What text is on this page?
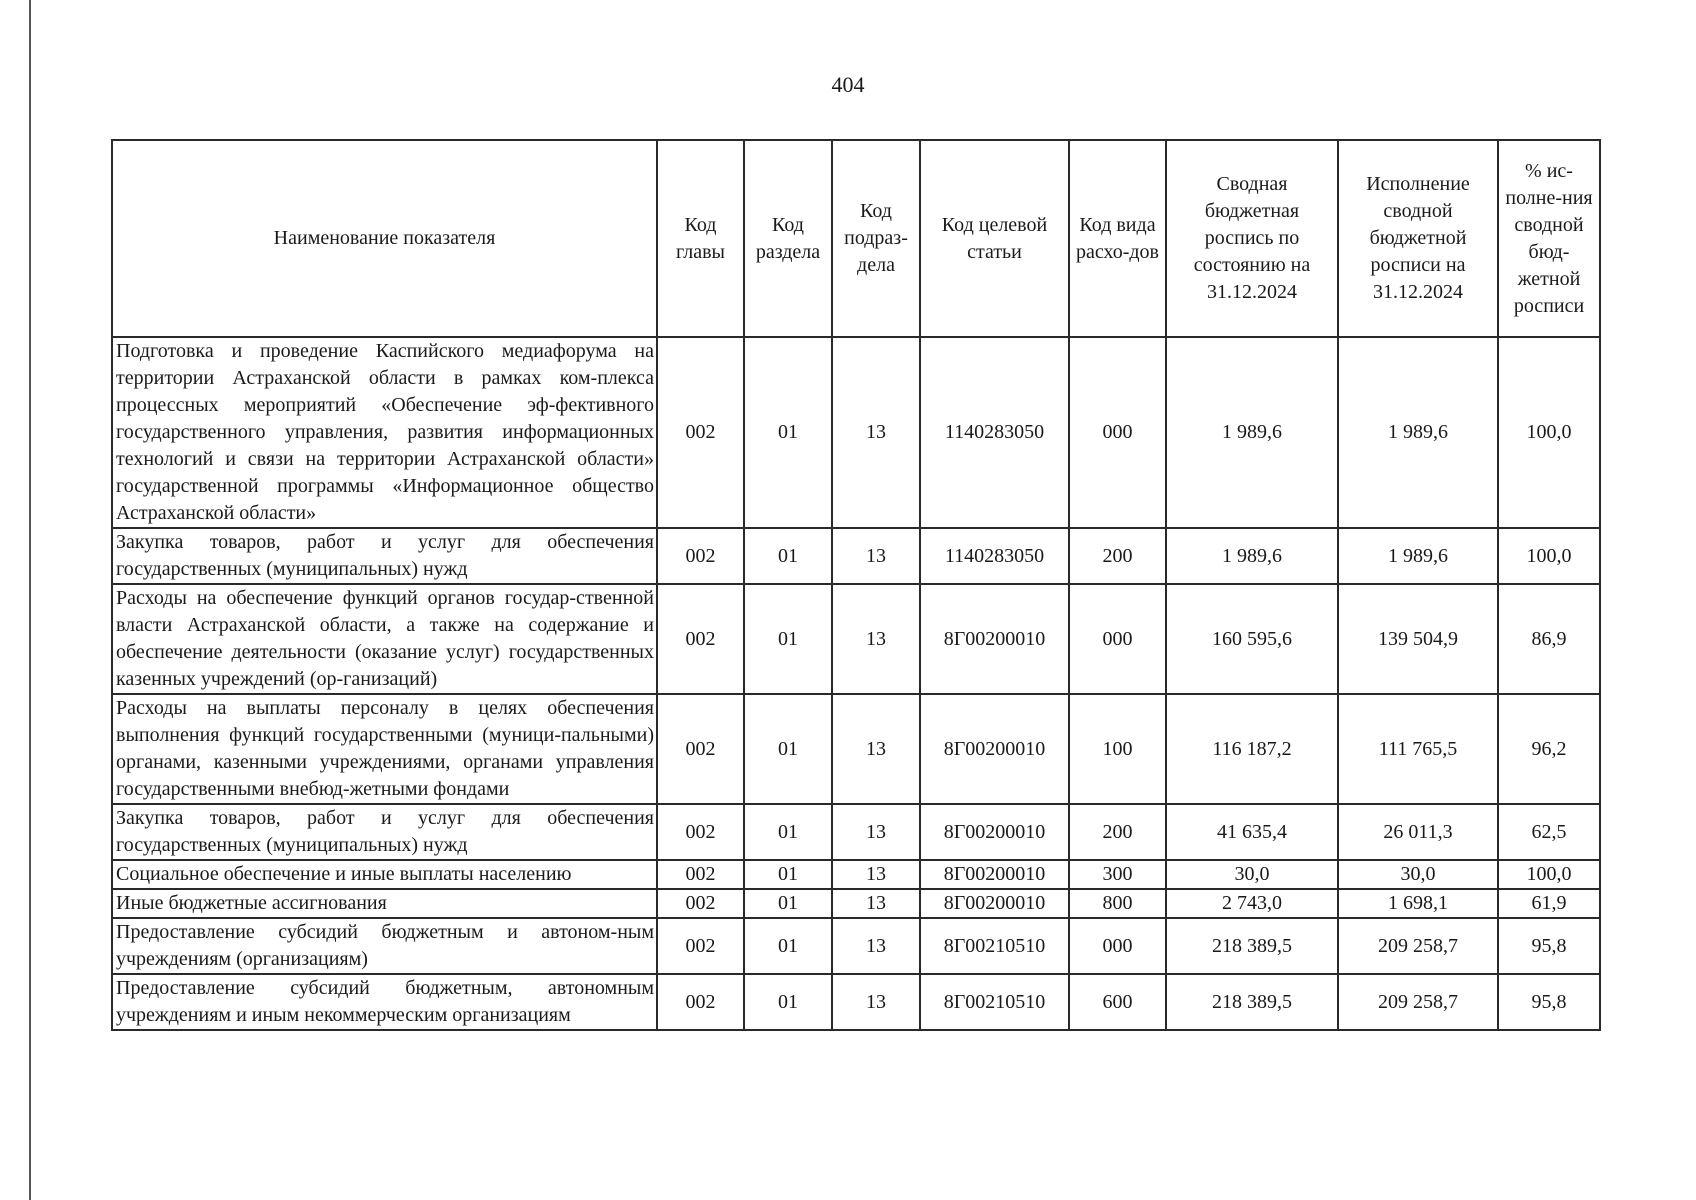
404
Наименование показателя	Код главы	Код раздела	Код подраз-дела	Код целевой статьи	Код вида расхо-дов	Сводная бюджетная роспись по состоянию на 31.12.2024	Исполнение сводной бюджетной росписи на 31.12.2024	% ис-полне-ния сводной бюд-жетной росписи

Подготовка и проведение Каспийского медиафорума на территории Астраханской области в рамках ком-плекса процессных мероприятий «Обеспечение эф-фективного государственного управления, развития информационных технологий и связи на территории Астраханской области» государственной программы «Информационное общество Астраханской области»	002	01	13	1140283050	000	1 989,6	1 989,6	100,0
Закупка товаров, работ и услуг для обеспечения государственных (муниципальных) нужд	002	01	13	1140283050	200	1 989,6	1 989,6	100,0
Расходы на обеспечение функций органов государ-ственной власти Астраханской области, а также на содержание и обеспечение деятельности (оказание услуг) государственных казенных учреждений (ор-ганизаций)	002	01	13	8Г00200010	000	160 595,6	139 504,9	86,9
Расходы на выплаты персоналу в целях обеспечения выполнения функций государственными (муници-пальными) органами, казенными учреждениями, органами управления государственными внебюд-жетными фондами	002	01	13	8Г00200010	100	116 187,2	111 765,5	96,2
Закупка товаров, работ и услуг для обеспечения государственных (муниципальных) нужд	002	01	13	8Г00200010	200	41 635,4	26 011,3	62,5
Социальное обеспечение и иные выплаты населению	002	01	13	8Г00200010	300	30,0	30,0	100,0
Иные бюджетные ассигнования	002	01	13	8Г00200010	800	2 743,0	1 698,1	61,9
Предоставление субсидий бюджетным и автоном-ным учреждениям (организациям)	002	01	13	8Г00210510	000	218 389,5	209 258,7	95,8
Предоставление субсидий бюджетным, автономным учреждениям и иным некоммерческим организациям	002	01	13	8Г00210510	600	218 389,5	209 258,7	95,8
